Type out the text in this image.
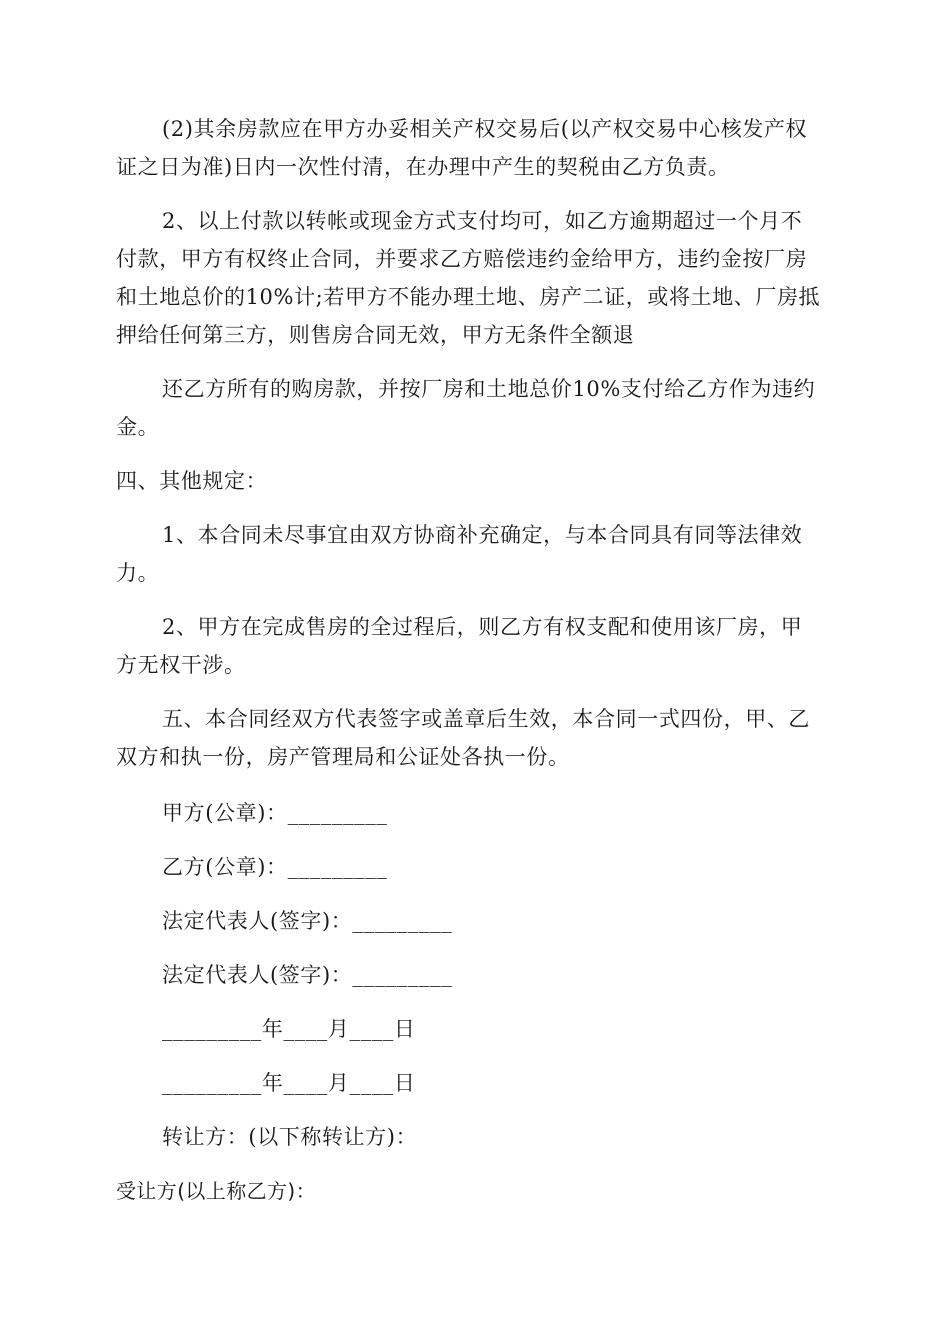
(2)其余房款应在甲方办妥相关产权交易后(以产权交易中心核发产权
证之日为准)日内一次性付清，在办理中产生的契税由乙方负责。
2、以上付款以转帐或现金方式支付均可，如乙方逾期超过一个月不
付款，甲方有权终止合同，并要求乙方赔偿违约金给甲方，违约金按厂房
和土地总价的10%计;若甲方不能办理土地、房产二证，或将土地、厂房抵
押给任何第三方，则售房合同无效，甲方无条件全额退
还乙方所有的购房款，并按厂房和土地总价10%支付给乙方作为违约
金。
四、其他规定：
1、本合同未尽事宜由双方协商补充确定，与本合同具有同等法律效
力。
2、甲方在完成售房的全过程后，则乙方有权支配和使用该厂房，甲
方无权干涉。
五、本合同经双方代表签字或盖章后生效，本合同一式四份，甲、乙
双方和执一份，房产管理局和公证处各执一份。
甲方(公章)：_________
乙方(公章)：_________
法定代表人(签字)：_________
法定代表人(签字)：_________
_________年____月____日
_________年____月____日
转让方：(以下称转让方)：
受让方(以上称乙方)：
